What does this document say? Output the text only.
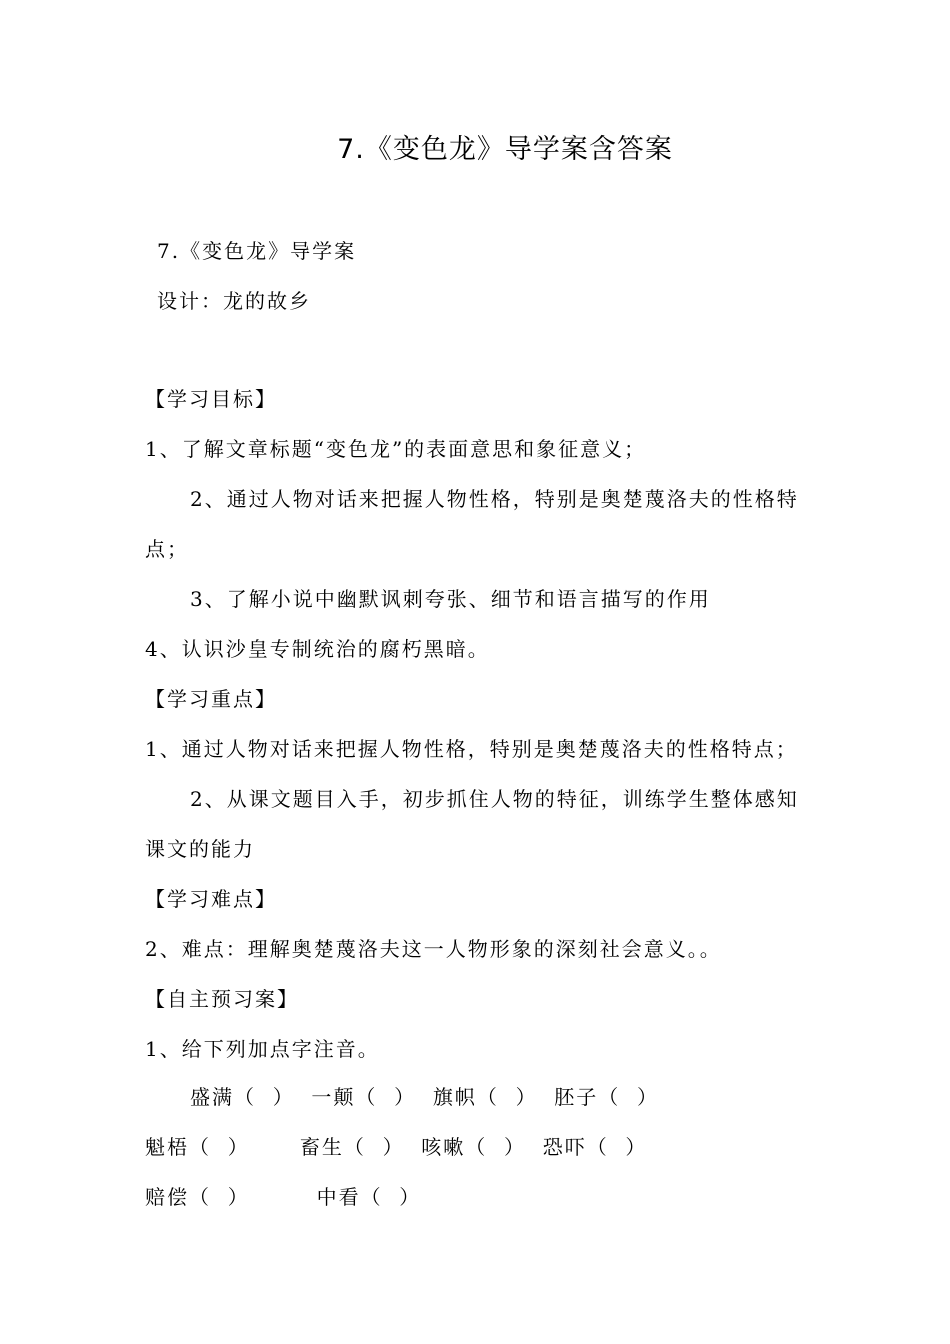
7.《变色龙》导学案含答案
7.《变色龙》导学案
设计：龙的故乡
【学习目标】
1、了解文章标题“变色龙”的表面意思和象征意义；
2、通过人物对话来把握人物性格，特别是奥楚蔑洛夫的性格特
点；
3、了解小说中幽默讽刺夸张、细节和语言描写的作用
4、认识沙皇专制统治的腐朽黑暗。
【学习重点】
1、通过人物对话来把握人物性格，特别是奥楚蔑洛夫的性格特点；
2、从课文题目入手，初步抓住人物的特征，训练学生整体感知
课文的能力
【学习难点】
2、难点：理解奥楚蔑洛夫这一人物形象的深刻社会意义。。
【自主预习案】
1、给下列加点字注音。
盛满（  ）  一颠（  ）  旗帜（  ）  胚子（  ）
魁梧（  ）      畜生（  ）  咳嗽（  ）  恐吓（  ）
赔偿（  ）        中看（  ）
